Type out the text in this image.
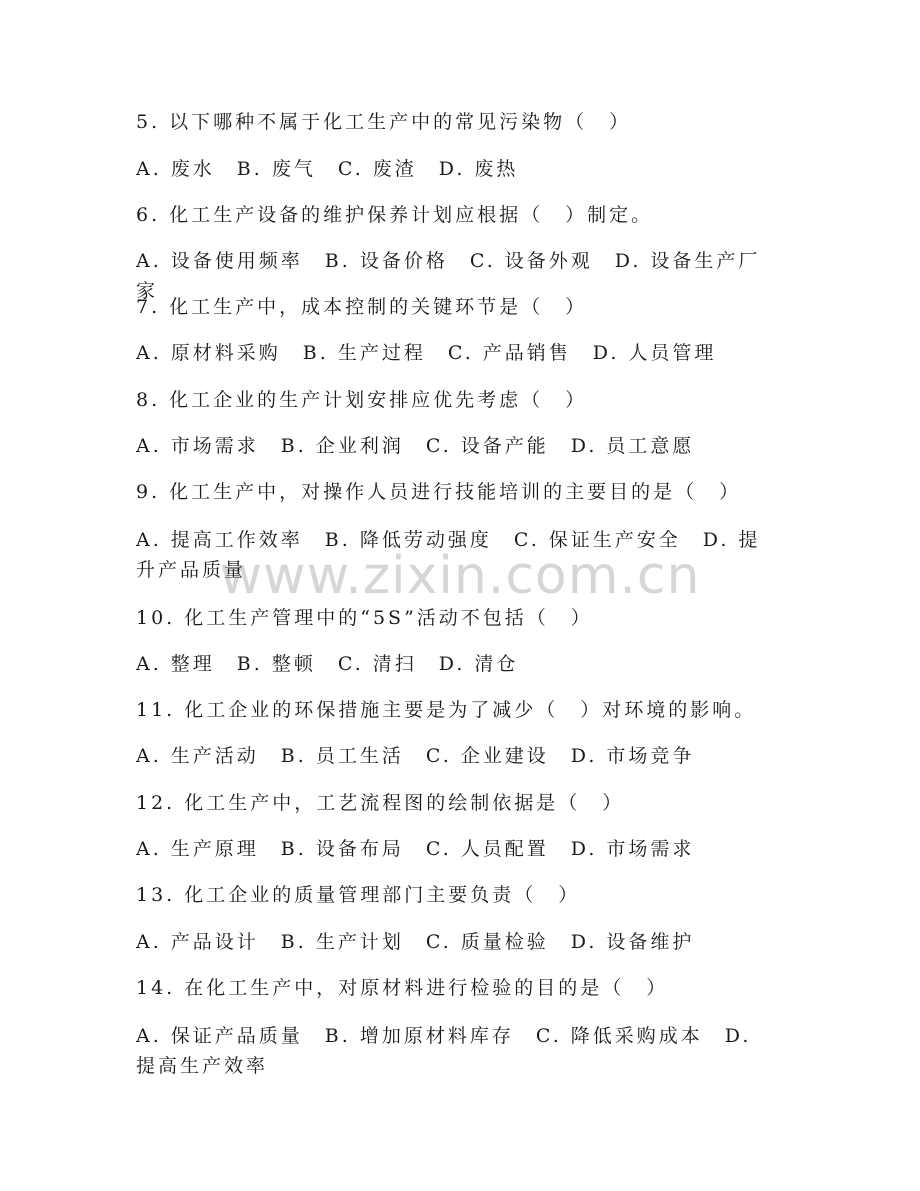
www.zixin.com.cn
5. 以下哪种不属于化工生产中的常见污染物（　）
A. 废水　B. 废气　C. 废渣　D. 废热
6. 化工生产设备的维护保养计划应根据（　）制定。
A. 设备使用频率　B. 设备价格　C. 设备外观　D. 设备生产厂家
7. 化工生产中，成本控制的关键环节是（　）
A. 原材料采购　B. 生产过程　C. 产品销售　D. 人员管理
8. 化工企业的生产计划安排应优先考虑（　）
A. 市场需求　B. 企业利润　C. 设备产能　D. 员工意愿
9. 化工生产中，对操作人员进行技能培训的主要目的是（　）
A. 提高工作效率　B. 降低劳动强度　C. 保证生产安全　D. 提升产品质量
10. 化工生产管理中的“5S”活动不包括（　）
A. 整理　B. 整顿　C. 清扫　D. 清仓
11. 化工企业的环保措施主要是为了减少（　）对环境的影响。
A. 生产活动　B. 员工生活　C. 企业建设　D. 市场竞争
12. 化工生产中，工艺流程图的绘制依据是（　）
A. 生产原理　B. 设备布局　C. 人员配置　D. 市场需求
13. 化工企业的质量管理部门主要负责（　）
A. 产品设计　B. 生产计划　C. 质量检验　D. 设备维护
14. 在化工生产中，对原材料进行检验的目的是（　）
A. 保证产品质量　B. 增加原材料库存　C. 降低采购成本　D. 提高生产效率
